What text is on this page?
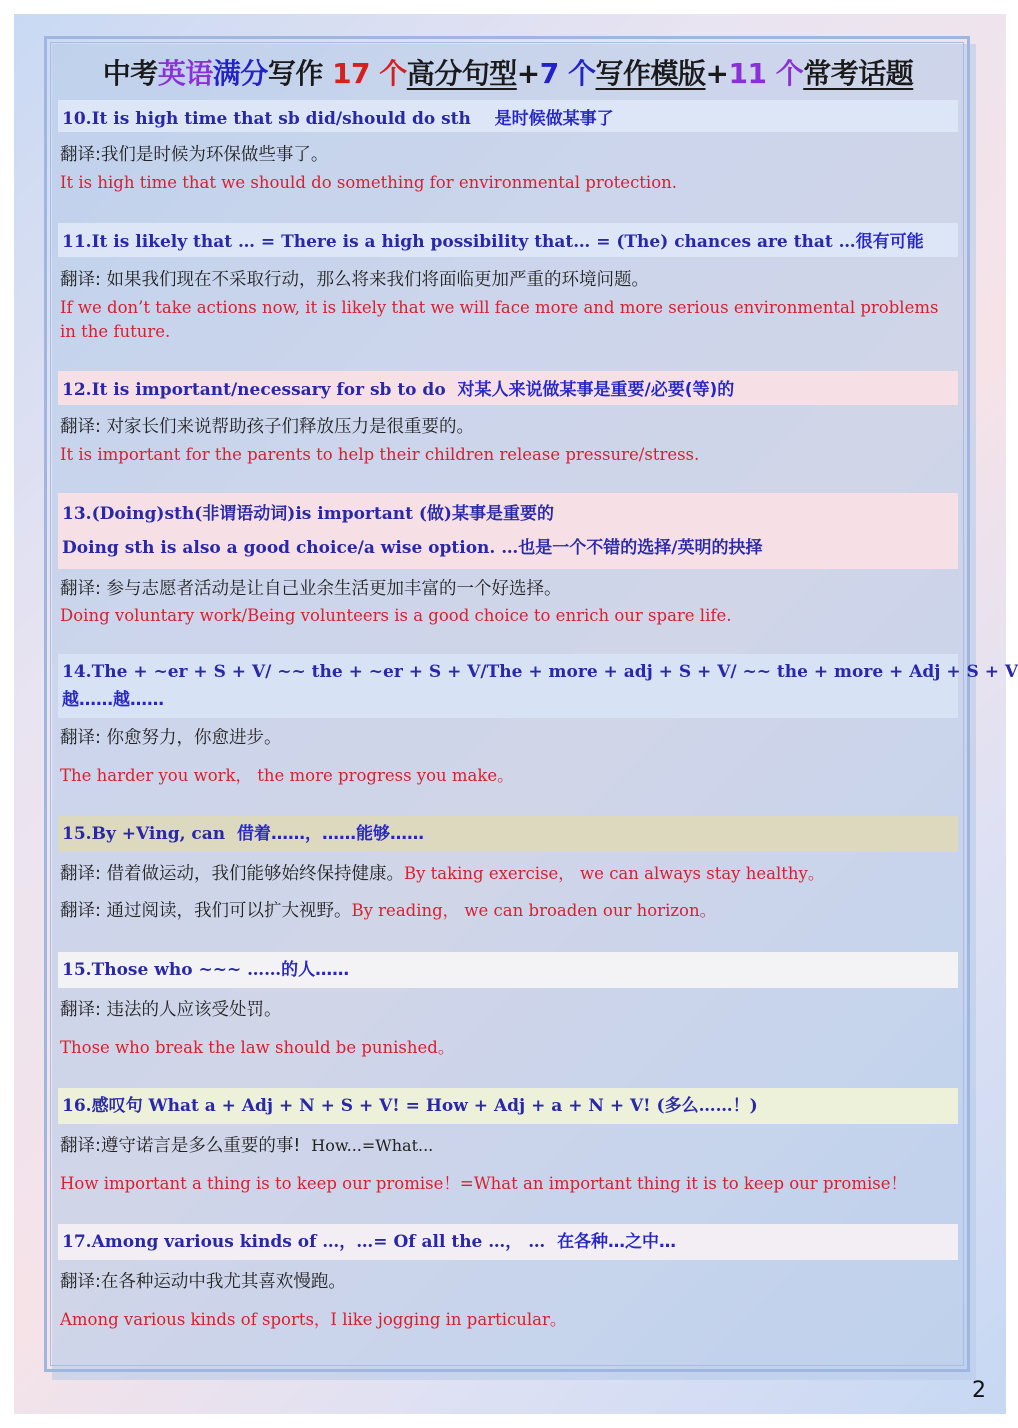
中考英语满分写作 17 个高分句型+7 个写作模版+11 个常考话题
10.It is high time that sb did/should do sth 是时候做某事了
翻译:我们是时候为环保做些事了。
It is high time that we should do something for environmental protection.
11.It is likely that … = There is a high possibility that… = (The) chances are that …很有可能
翻译: 如果我们现在不采取行动，那么将来我们将面临更加严重的环境问题。
If we don’t take actions now, it is likely that we will face more and more serious environmental problems in the future.
12.It is important/necessary for sb to do 对某人来说做某事是重要/必要(等)的
翻译: 对家长们来说帮助孩子们释放压力是很重要的。
It is important for the parents to help their children release pressure/stress.
13.(Doing)sth(非谓语动词)is important (做)某事是重要的
Doing sth is also a good choice/a wise option. …也是一个不错的选择/英明的抉择
翻译: 参与志愿者活动是让自己业余生活更加丰富的一个好选择。
Doing voluntary work/Being volunteers is a good choice to enrich our spare life.
14.The + ~er + S + V/ ~~ the + ~er + S + V/The + more + adj + S + V/ ~~ the + more + Adj + S + V
越……越……
翻译: 你愈努力，你愈进步。
The harder you work， the more progress you make。
15.By +Ving, can 借着……，……能够……
翻译: 借着做运动，我们能够始终保持健康。By taking exercise， we can always stay healthy。
翻译: 通过阅读，我们可以扩大视野。By reading， we can broaden our horizon。
15.Those who ~~~ ……的人……
翻译: 违法的人应该受处罚。
Those who break the law should be punished。
16.感叹句 What a + Adj + N + S + V! = How + Adj + a + N + V! (多么……！)
翻译:遵守诺言是多么重要的事! How...=What...
How important a thing is to keep our promise！=What an important thing it is to keep our promise！
17.Among various kinds of …，…= Of all the …， … 在各种…之中…
翻译:在各种运动中我尤其喜欢慢跑。
Among various kinds of sports，I like jogging in particular。
2
